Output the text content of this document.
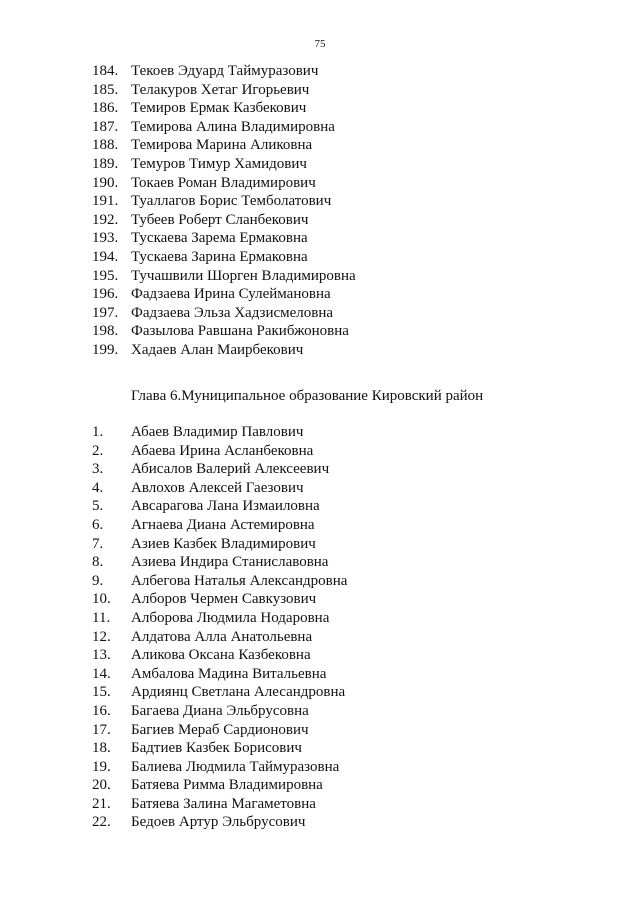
75
184. Текоев Эдуард Таймуразович
185. Телакуров Хетаг Игорьевич
186. Темиров Ермак Казбекович
187. Темирова Алина Владимировна
188. Темирова Марина Аликовна
189. Темуров Тимур Хамидович
190. Токаев Роман Владимирович
191. Туаллагов Борис Темболатович
192. Тубеев Роберт Сланбекович
193. Тускаева Зарема Ермаковна
194. Тускаева Зарина Ермаковна
195. Тучашвили Шорген Владимировна
196. Фадзаева Ирина Сулеймановна
197. Фадзаева Эльза Хадзисмеловна
198. Фазылова Равшана Ракибжоновна
199. Хадаев Алан Маирбекович
Глава 6.Муниципальное образование Кировский район
1.	Абаев Владимир Павлович
2.	Абаева Ирина Асланбековна
3.	Абисалов Валерий Алексеевич
4.	Авлохов Алексей Гаезович
5.	Авсарагова Лана Измаиловна
6.	Агнаева Диана Астемировна
7.	Азиев Казбек Владимирович
8.	Азиева Индира Станиславовна
9.	Албегова Наталья Александровна
10.	Алборов Чермен Савкузович
11.	Алборова Людмила Нодаровна
12.	Алдатова Алла Анатольевна
13.	Аликова Оксана Казбековна
14.	Амбалова Мадина Витальевна
15.	Ардиянц Светлана Алесандровна
16.	Багаева Диана Эльбрусовна
17.	Багиев Мераб Сардионович
18.	Бадтиев Казбек Борисович
19.	Балиева Людмила Таймуразовна
20.	Батяева Римма Владимировна
21.	Батяева Залина Магаметовна
22.	Бедоев Артур Эльбрусович
